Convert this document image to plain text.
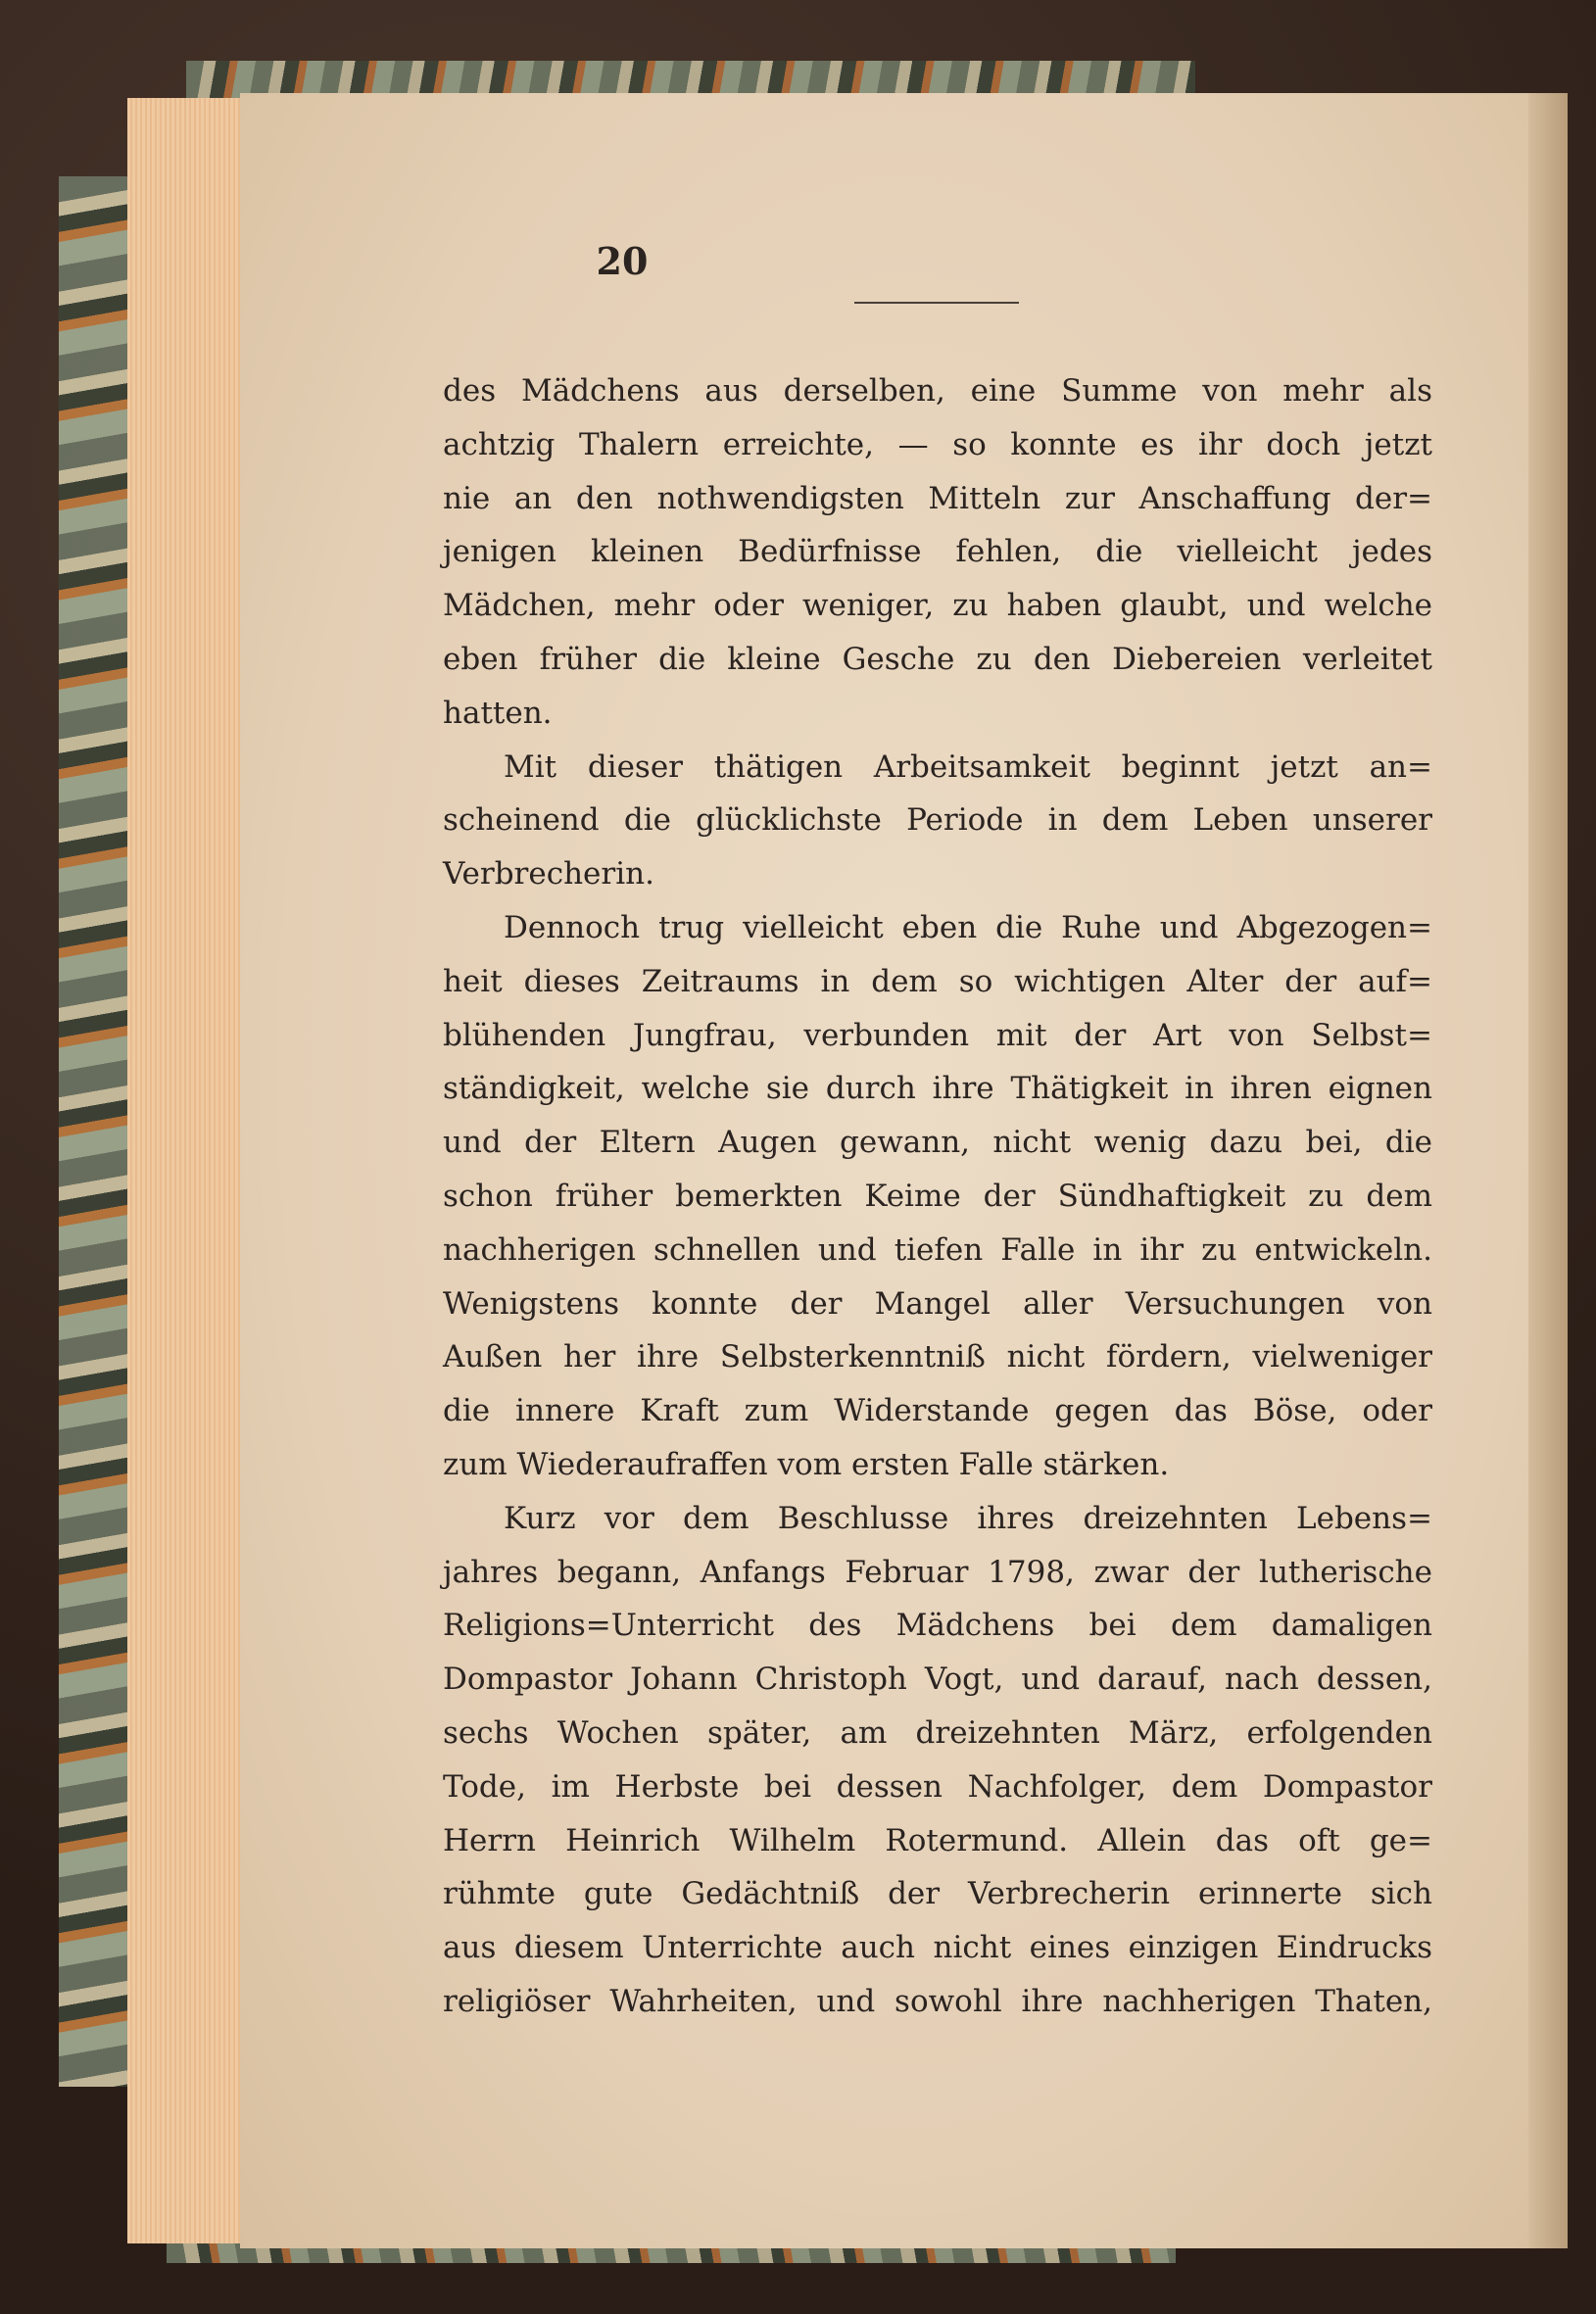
20
des Mädchens aus derselben, eine Summe von mehr als
achtzig Thalern erreichte, — so konnte es ihr doch jetzt
nie an den nothwendigsten Mitteln zur Anschaffung der=
jenigen kleinen Bedürfnisse fehlen, die vielleicht jedes
Mädchen, mehr oder weniger, zu haben glaubt, und welche
eben früher die kleine Gesche zu den Diebereien verleitet
hatten.
Mit dieser thätigen Arbeitsamkeit beginnt jetzt an=
scheinend die glücklichste Periode in dem Leben unserer
Verbrecherin.
Dennoch trug vielleicht eben die Ruhe und Abgezogen=
heit dieses Zeitraums in dem so wichtigen Alter der auf=
blühenden Jungfrau, verbunden mit der Art von Selbst=
ständigkeit, welche sie durch ihre Thätigkeit in ihren eignen
und der Eltern Augen gewann, nicht wenig dazu bei, die
schon früher bemerkten Keime der Sündhaftigkeit zu dem
nachherigen schnellen und tiefen Falle in ihr zu entwickeln.
Wenigstens konnte der Mangel aller Versuchungen von
Außen her ihre Selbsterkenntniß nicht fördern, vielweniger
die innere Kraft zum Widerstande gegen das Böse, oder
zum Wiederaufraffen vom ersten Falle stärken.
Kurz vor dem Beschlusse ihres dreizehnten Lebens=
jahres begann, Anfangs Februar 1798, zwar der lutherische
Religions=Unterricht des Mädchens bei dem damaligen
Dompastor Johann Christoph Vogt, und darauf, nach dessen,
sechs Wochen später, am dreizehnten März, erfolgenden
Tode, im Herbste bei dessen Nachfolger, dem Dompastor
Herrn Heinrich Wilhelm Rotermund. Allein das oft ge=
rühmte gute Gedächtniß der Verbrecherin erinnerte sich
aus diesem Unterrichte auch nicht eines einzigen Eindrucks
religiöser Wahrheiten, und sowohl ihre nachherigen Thaten,
